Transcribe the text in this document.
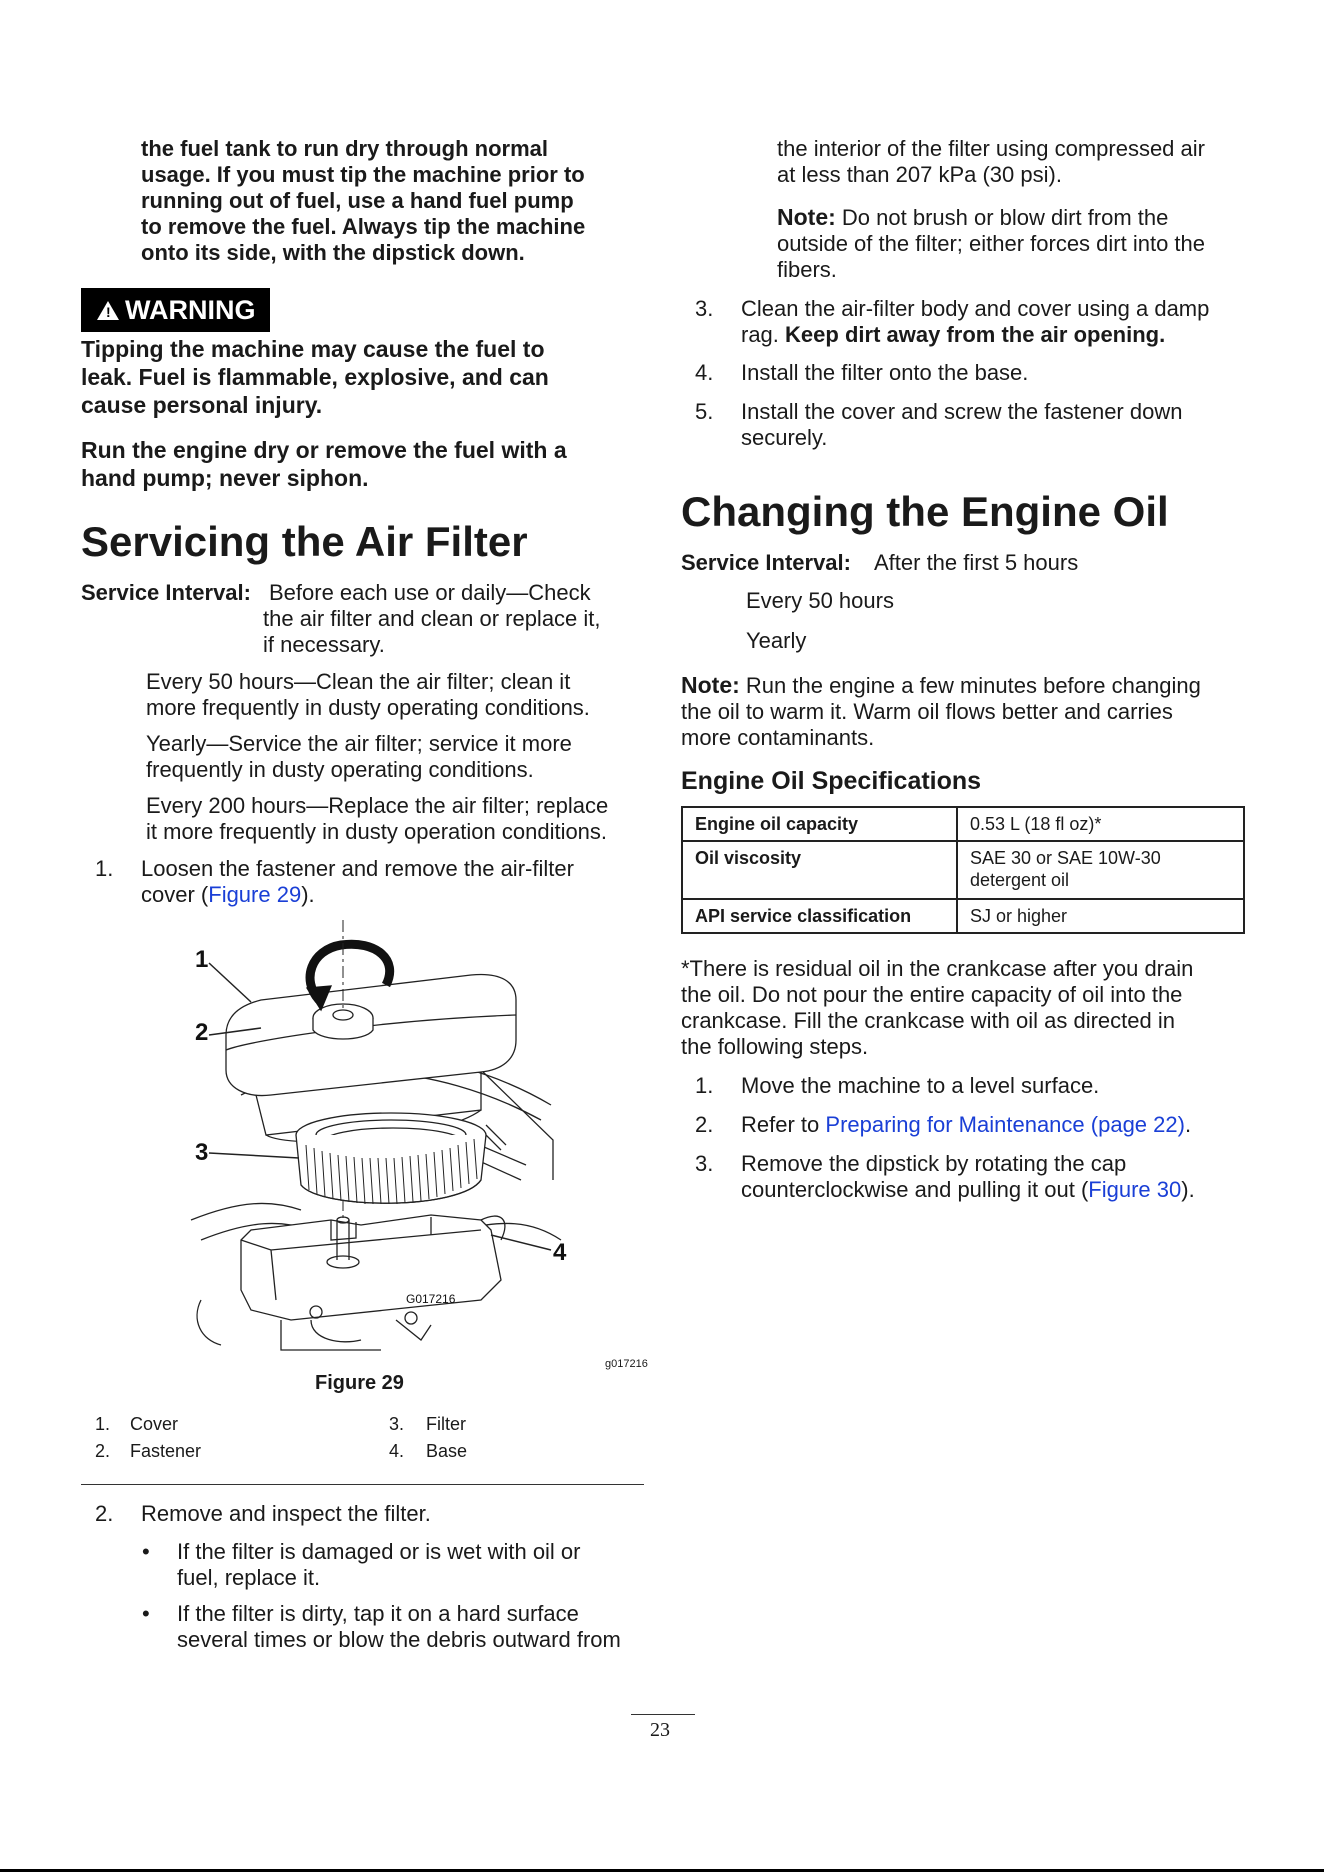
the fuel tank to run dry through normal

usage. If you must tip the machine prior to

running out of fuel, use a hand fuel pump

to remove the fuel. Always tip the machine

onto its side, with the dipstick down.

! WARNING

Tipping the machine may cause the fuel to

leak. Fuel is flammable, explosive, and can

cause personal injury.

Run the engine dry or remove the fuel with a

hand pump; never siphon.

Servicing the Air Filter
Service Interval: Before each use or daily—Check

the air filter and clean or replace it,

if necessary.

Every 50 hours—Clean the air filter; clean it

more frequently in dusty operating conditions.

Yearly—Service the air filter; service it more

frequently in dusty operating conditions.

Every 200 hours—Replace the air filter; replace

it more frequently in dusty operation conditions.

1. Loosen the fastener and remove the air-filter

cover (Figure 29).

1
2
3
4
G017216
g017216
Figure 29
1. Cover	3. Filter
2. Fastener	4. Base
2. Remove and inspect the filter.
• If the filter is damaged or is wet with oil or

fuel, replace it.

• If the filter is dirty, tap it on a hard surface

several times or blow the debris outward from

the interior of the filter using compressed air

at less than 207 kPa (30 psi).

Note: Do not brush or blow dirt from the

outside of the filter; either forces dirt into the

fibers.

3. Clean the air-filter body and cover using a damp

rag. Keep dirt away from the air opening.

4. Install the filter onto the base.
5. Install the cover and screw the fastener down

securely.

Changing the Engine Oil
Service Interval: After the first 5 hours
Every 50 hours
Yearly

Note: Run the engine a few minutes before changing

the oil to warm it. Warm oil flows better and carries

more contaminants.

Engine Oil Specifications
Engine oil capacity	0.53 L (18 fl oz)*
Oil viscosity	SAE 30 or SAE 10W-30 detergent oil
API service classification	SJ or higher

*There is residual oil in the crankcase after you drain

the oil. Do not pour the entire capacity of oil into the

crankcase. Fill the crankcase with oil as directed in

the following steps.

1. Move the machine to a level surface.
2. Refer to Preparing for Maintenance (page 22).
3. Remove the dipstick by rotating the cap

counterclockwise and pulling it out (Figure 30).

23
